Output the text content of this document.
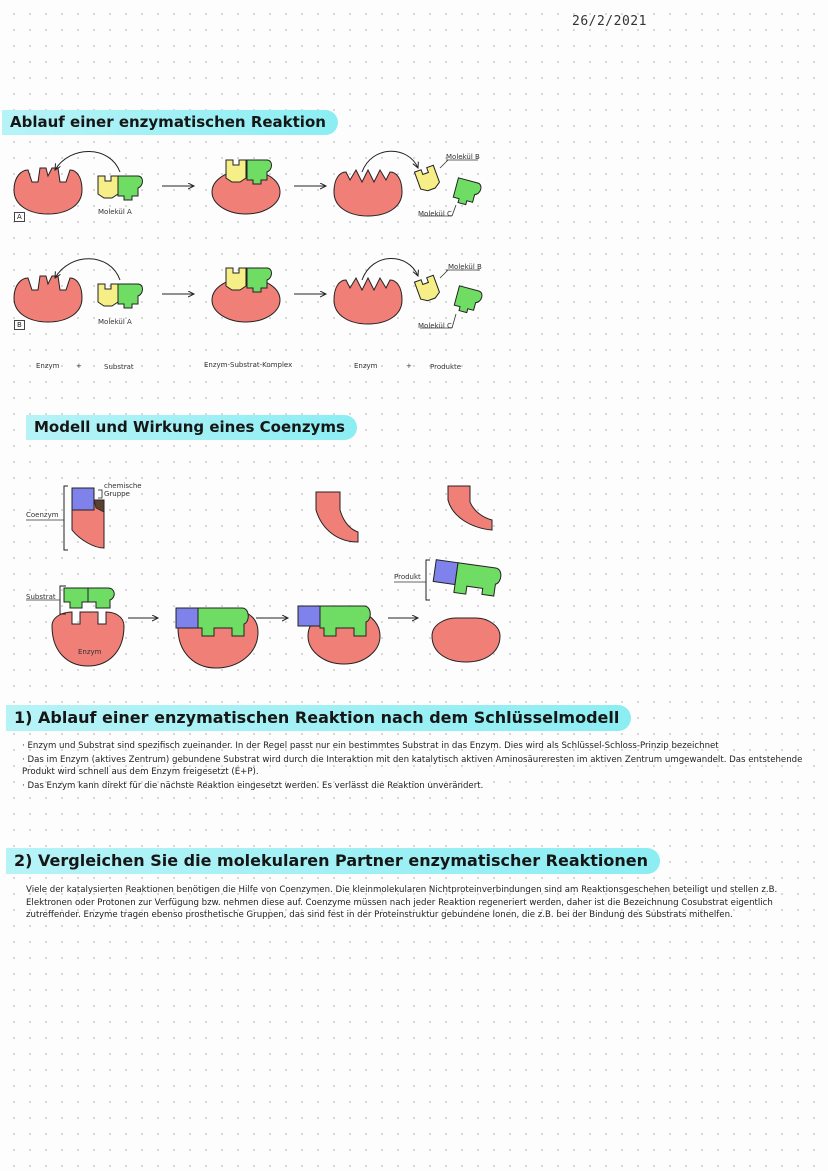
26/2/2021
Ablauf einer enzymatischen Reaktion
A
Molekül A
Molekül B
Molekül C
B	Molekül A
Molekül B
Molekül C
Enzym +	Substrat	Enzym-Substrat-Komplex	Enzym	+	Produkte
Modell und Wirkung eines Coenzyms
Coenzym
chemische Gruppe
Substrat
Enzym
Produkt
1) Ablauf einer enzymatischen Reaktion nach dem Schlüsselmodell

· Enzym und Substrat sind spezifisch zueinander. In der Regel passt nur ein bestimmtes Substrat in das Enzym. Dies wird als Schlüssel-Schloss-Prinzip bezeichnet

· Das im Enzym (aktives Zentrum) gebundene Substrat wird durch die Interaktion mit den katalytisch aktiven Aminosäureresten im aktiven Zentrum umgewandelt. Das entstehende Produkt wird schnell aus dem Enzym freigesetzt (E+P).

· Das Enzym kann direkt für die nächste Reaktion eingesetzt werden. Es verlässt die Reaktion unverändert.

2) Vergleichen Sie die molekularen Partner enzymatischer Reaktionen
Viele der katalysierten Reaktionen benötigen die Hilfe von Coenzymen. Die kleinmolekularen Nichtproteinverbindungen sind am Reaktionsgeschehen beteiligt und stellen z.B. Elektronen oder Protonen zur Verfügung bzw. nehmen diese auf. Coenzyme müssen nach jeder Reaktion regeneriert werden, daher ist die Bezeichnung Cosubstrat eigentlich zutreffender. Enzyme tragen ebenso prosthetische Gruppen, das sind fest in der Proteinstruktur gebundene Ionen, die z.B. bei der Bindung des Substrats mithelfen.
